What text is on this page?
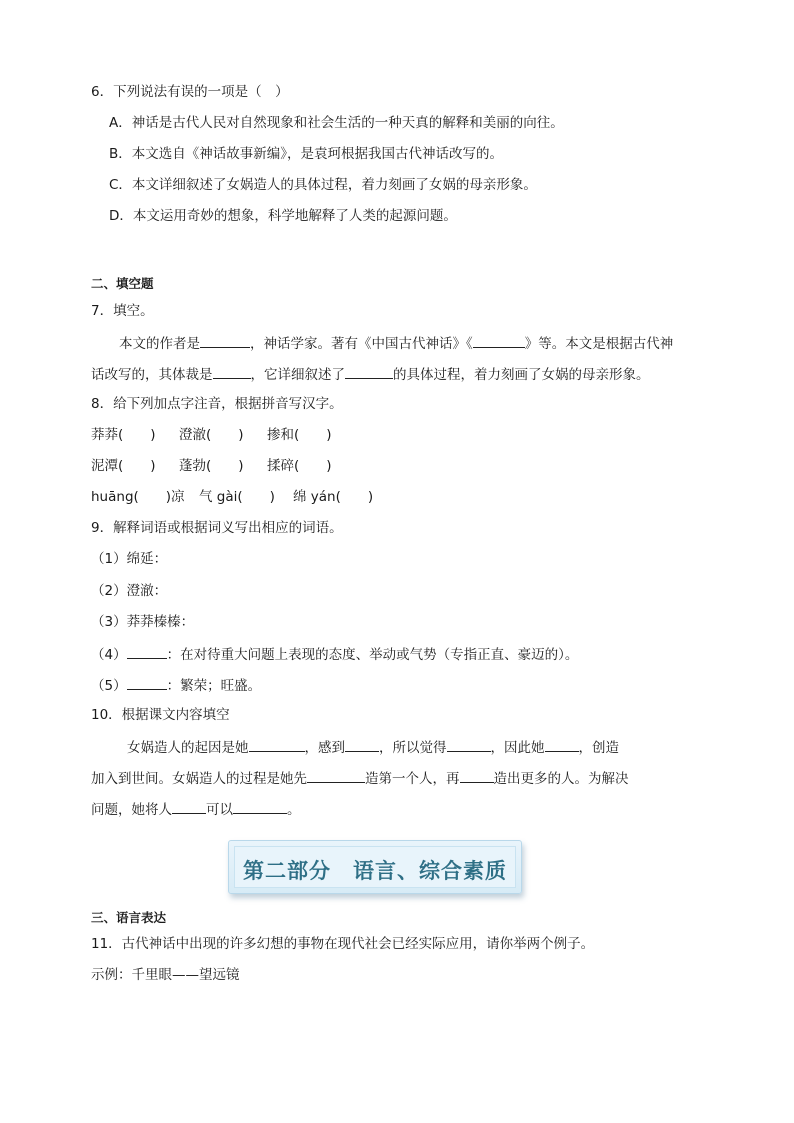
6．下列说法有误的一项是（　）
A．神话是古代人民对自然现象和社会生活的一种天真的解释和美丽的向往。
B．本文选自《神话故事新编》，是袁珂根据我国古代神话改写的。
C．本文详细叙述了女娲造人的具体过程，着力刻画了女娲的母亲形象。
D．本文运用奇妙的想象，科学地解释了人类的起源问题。
二、填空题
7．填空。
本文的作者是	，神话学家。著有《中国古代神话》《	》等。本文是根据古代神
话改写的，其体裁是	，它详细叙述了	的具体过程，着力刻画了女娲的母亲形象。
8．给下列加点字注音，根据拼音写汉字。
莽莽(　　) 澄澈(　　) 掺和(　　)
泥潭(　　) 蓬勃(　　) 揉碎(　　)
huāng(　　)凉 气 gài(　　) 绵 yán(　　)
9．解释词语或根据词义写出相应的词语。
（1）绵延：
（2）澄澈：
（3）莽莽榛榛：
（4）	：在对待重大问题上表现的态度、举动或气势（专指正直、豪迈的）。
（5）	：繁荣；旺盛。
10．根据课文内容填空
女娲造人的起因是她	，感到	，所以觉得	，因此她	，创造
加入到世间。女娲造人的过程是她先	造第一个人，再	造出更多的人。为解决
问题，她将人	可以	。
第二部分　语言、综合素质
三、语言表达
11．古代神话中出现的许多幻想的事物在现代社会已经实际应用，请你举两个例子。
示例：千里眼——望远镜
